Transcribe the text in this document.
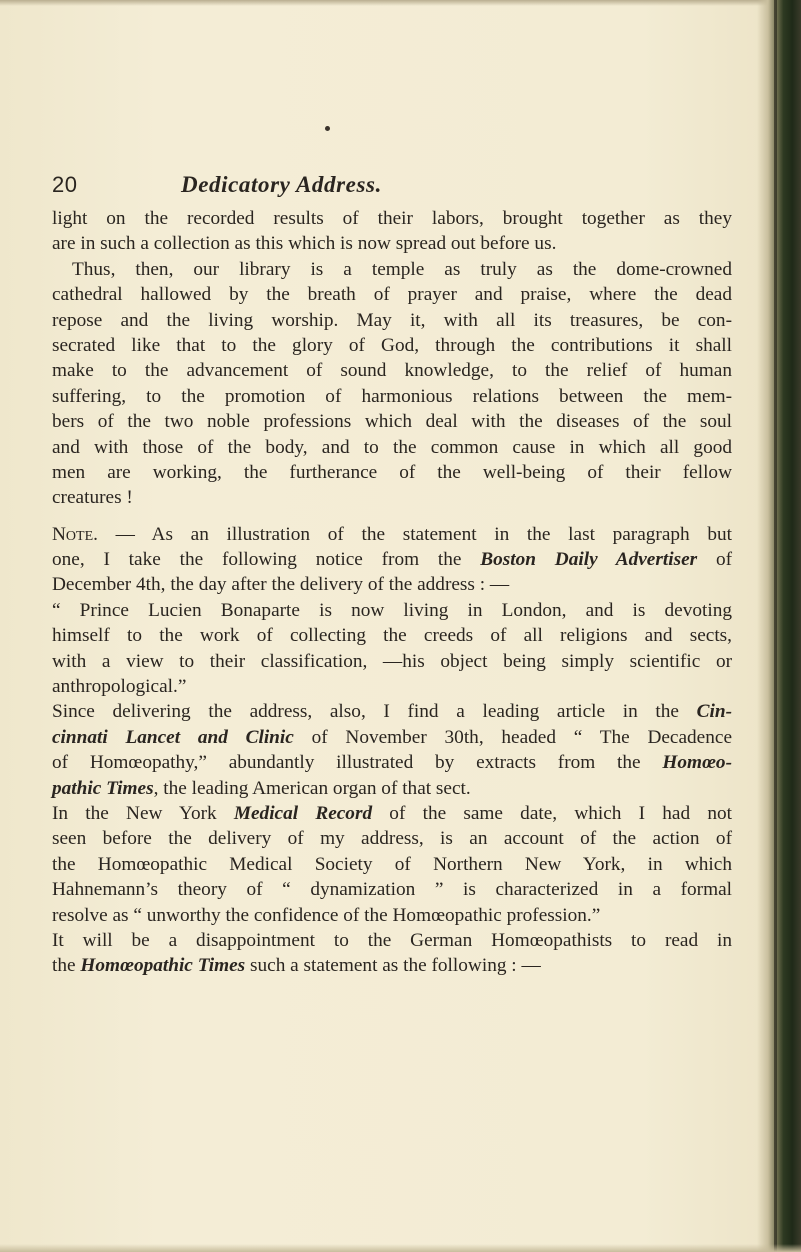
20	Dedicatory Address.
light on the recorded results of their labors, brought together as they
are in such a collection as this which is now spread out before us.
Thus, then, our library is a temple as truly as the dome-crowned
cathedral hallowed by the breath of prayer and praise, where the dead
repose and the living worship. May it, with all its treasures, be con-
secrated like that to the glory of God, through the contributions it shall
make to the advancement of sound knowledge, to the relief of human
suffering, to the promotion of harmonious relations between the mem-
bers of the two noble professions which deal with the diseases of the soul
and with those of the body, and to the common cause in which all good
men are working, the furtherance of the well-being of their fellow
creatures !
Note. — As an illustration of the statement in the last paragraph but
one, I take the following notice from the Boston Daily Advertiser of
December 4th, the day after the delivery of the address : —
“ Prince Lucien Bonaparte is now living in London, and is devoting
himself to the work of collecting the creeds of all religions and sects,
with a view to their classification, —his object being simply scientific or
anthropological.”
Since delivering the address, also, I find a leading article in the Cin-
cinnati Lancet and Clinic of November 30th, headed “ The Decadence
of Homœopathy,” abundantly illustrated by extracts from the Homœo-
pathic Times, the leading American organ of that sect.
In the New York Medical Record of the same date, which I had not
seen before the delivery of my address, is an account of the action of
the Homœopathic Medical Society of Northern New York, in which
Hahnemann’s theory of “ dynamization ” is characterized in a formal
resolve as “ unworthy the confidence of the Homœopathic profession.”
It will be a disappointment to the German Homœopathists to read in
the Homœopathic Times such a statement as the following : —
